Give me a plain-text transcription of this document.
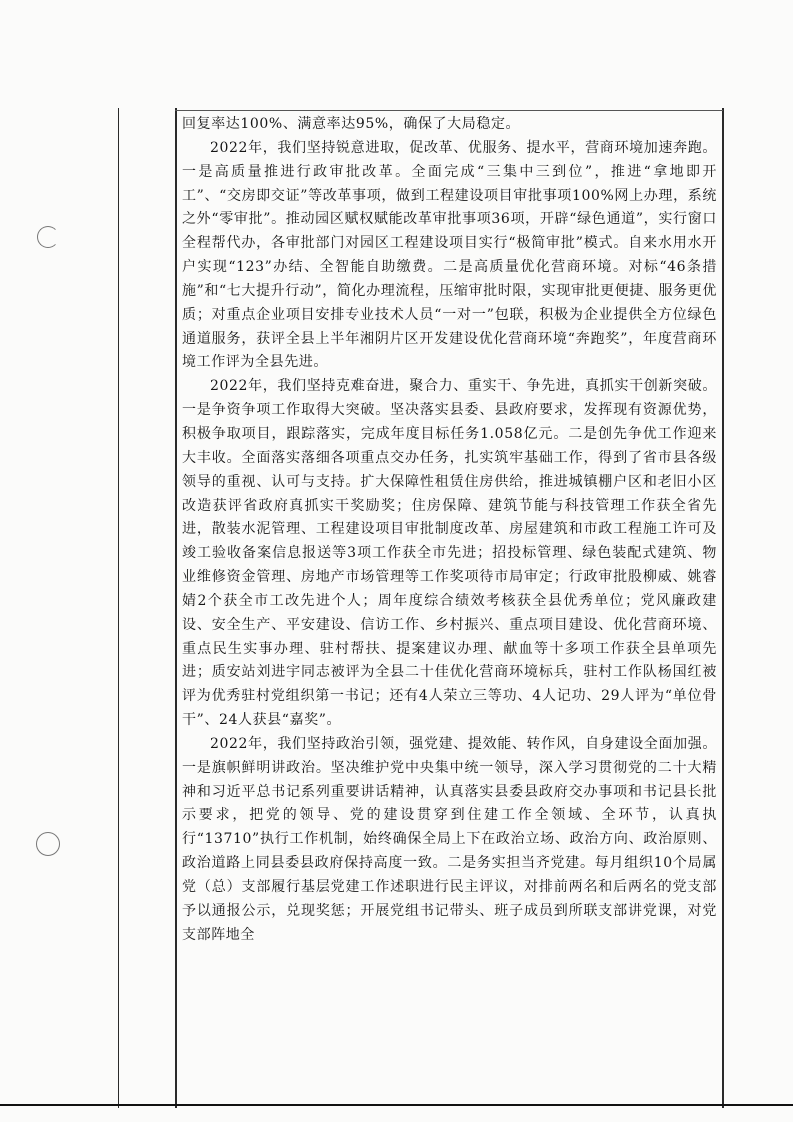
回复率达100%、满意率达95%，确保了大局稳定。

2022年，我们坚持锐意进取，促改革、优服务、提水平，营商环境加速奔跑。一是高质量推进行政审批改革。全面完成“三集中三到位”，推进“拿地即开工”、“交房即交证”等改革事项，做到工程建设项目审批事项100%网上办理，系统之外“零审批”。推动园区赋权赋能改革审批事项36项，开辟“绿色通道”，实行窗口全程帮代办，各审批部门对园区工程建设项目实行“极简审批”模式。自来水用水开户实现“123”办结、全智能自助缴费。二是高质量优化营商环境。对标“46条措施”和“七大提升行动”，简化办理流程，压缩审批时限，实现审批更便捷、服务更优质；对重点企业项目安排专业技术人员“一对一”包联，积极为企业提供全方位绿色通道服务，获评全县上半年湘阴片区开发建设优化营商环境“奔跑奖”，年度营商环境工作评为全县先进。

2022年，我们坚持克难奋进，聚合力、重实干、争先进，真抓实干创新突破。一是争资争项工作取得大突破。坚决落实县委、县政府要求，发挥现有资源优势，积极争取项目，跟踪落实，完成年度目标任务1.058亿元。二是创先争优工作迎来大丰收。全面落实落细各项重点交办任务，扎实筑牢基础工作，得到了省市县各级领导的重视、认可与支持。扩大保障性租赁住房供给，推进城镇棚户区和老旧小区改造获评省政府真抓实干奖励奖；住房保障、建筑节能与科技管理工作获全省先进，散装水泥管理、工程建设项目审批制度改革、房屋建筑和市政工程施工许可及竣工验收备案信息报送等3项工作获全市先进；招投标管理、绿色装配式建筑、物业维修资金管理、房地产市场管理等工作奖项待市局审定；行政审批股柳威、姚睿婧2个获全市工改先进个人；周年度综合绩效考核获全县优秀单位；党风廉政建设、安全生产、平安建设、信访工作、乡村振兴、重点项目建设、优化营商环境、重点民生实事办理、驻村帮扶、提案建议办理、献血等十多项工作获全县单项先进；质安站刘进宇同志被评为全县二十佳优化营商环境标兵，驻村工作队杨国红被评为优秀驻村党组织第一书记；还有4人荣立三等功、4人记功、29人评为“单位骨干”、24人获县“嘉奖”。

2022年，我们坚持政治引领，强党建、提效能、转作风，自身建设全面加强。一是旗帜鲜明讲政治。坚决维护党中央集中统一领导，深入学习贯彻党的二十大精神和习近平总书记系列重要讲话精神，认真落实县委县政府交办事项和书记县长批示要求，把党的领导、党的建设贯穿到住建工作全领域、全环节，认真执行“13710”执行工作机制，始终确保全局上下在政治立场、政治方向、政治原则、政治道路上同县委县政府保持高度一致。二是务实担当齐党建。每月组织10个局属党（总）支部履行基层党建工作述职进行民主评议，对排前两名和后两名的党支部予以通报公示，兑现奖惩；开展党组书记带头、班子成员到所联支部讲党课，对党支部阵地全
